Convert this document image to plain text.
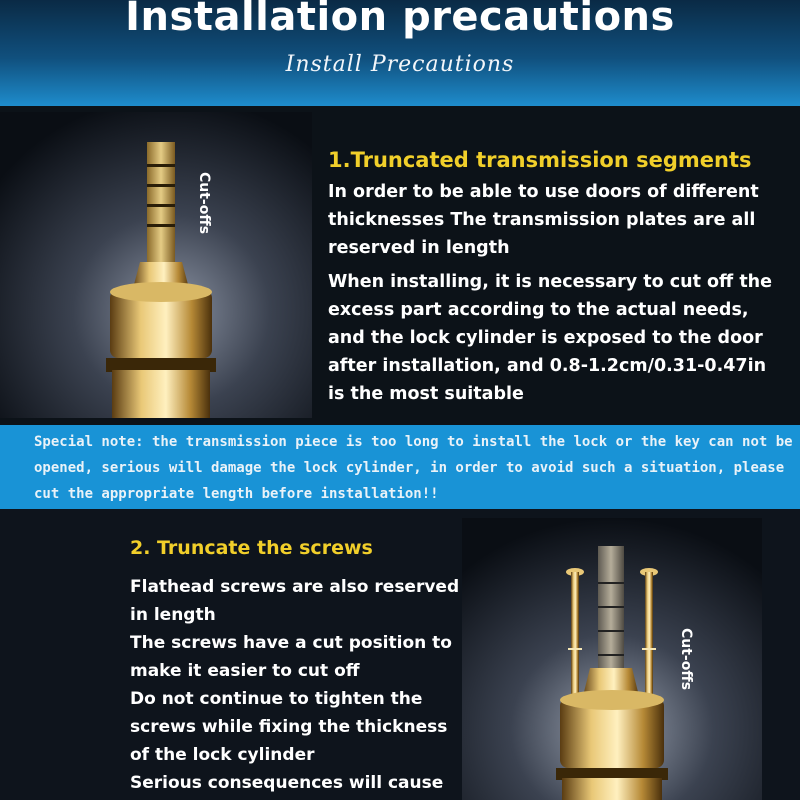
Installation precautions
Install Precautions
Cut-offs
1.Truncated transmission segments

In order to be able to use doors of different thicknesses The transmission plates are all reserved in length

When installing, it is necessary to cut off the excess part according to the actual needs, and the lock cylinder is exposed to the door after installation, and 0.8-1.2cm/0.31-0.47in is the most suitable

Special note: the transmission piece is too long to install the lock or the key can not be opened, serious will damage the lock cylinder, in order to avoid such a situation, please cut the appropriate length before installation!!

2. Truncate the screws
Flathead screws are also reserved
in length
The screws have a cut position to
make it easier to cut off
Do not continue to tighten the
screws while fixing the thickness
of the lock cylinder
Serious consequences will cause
Cut-offs
